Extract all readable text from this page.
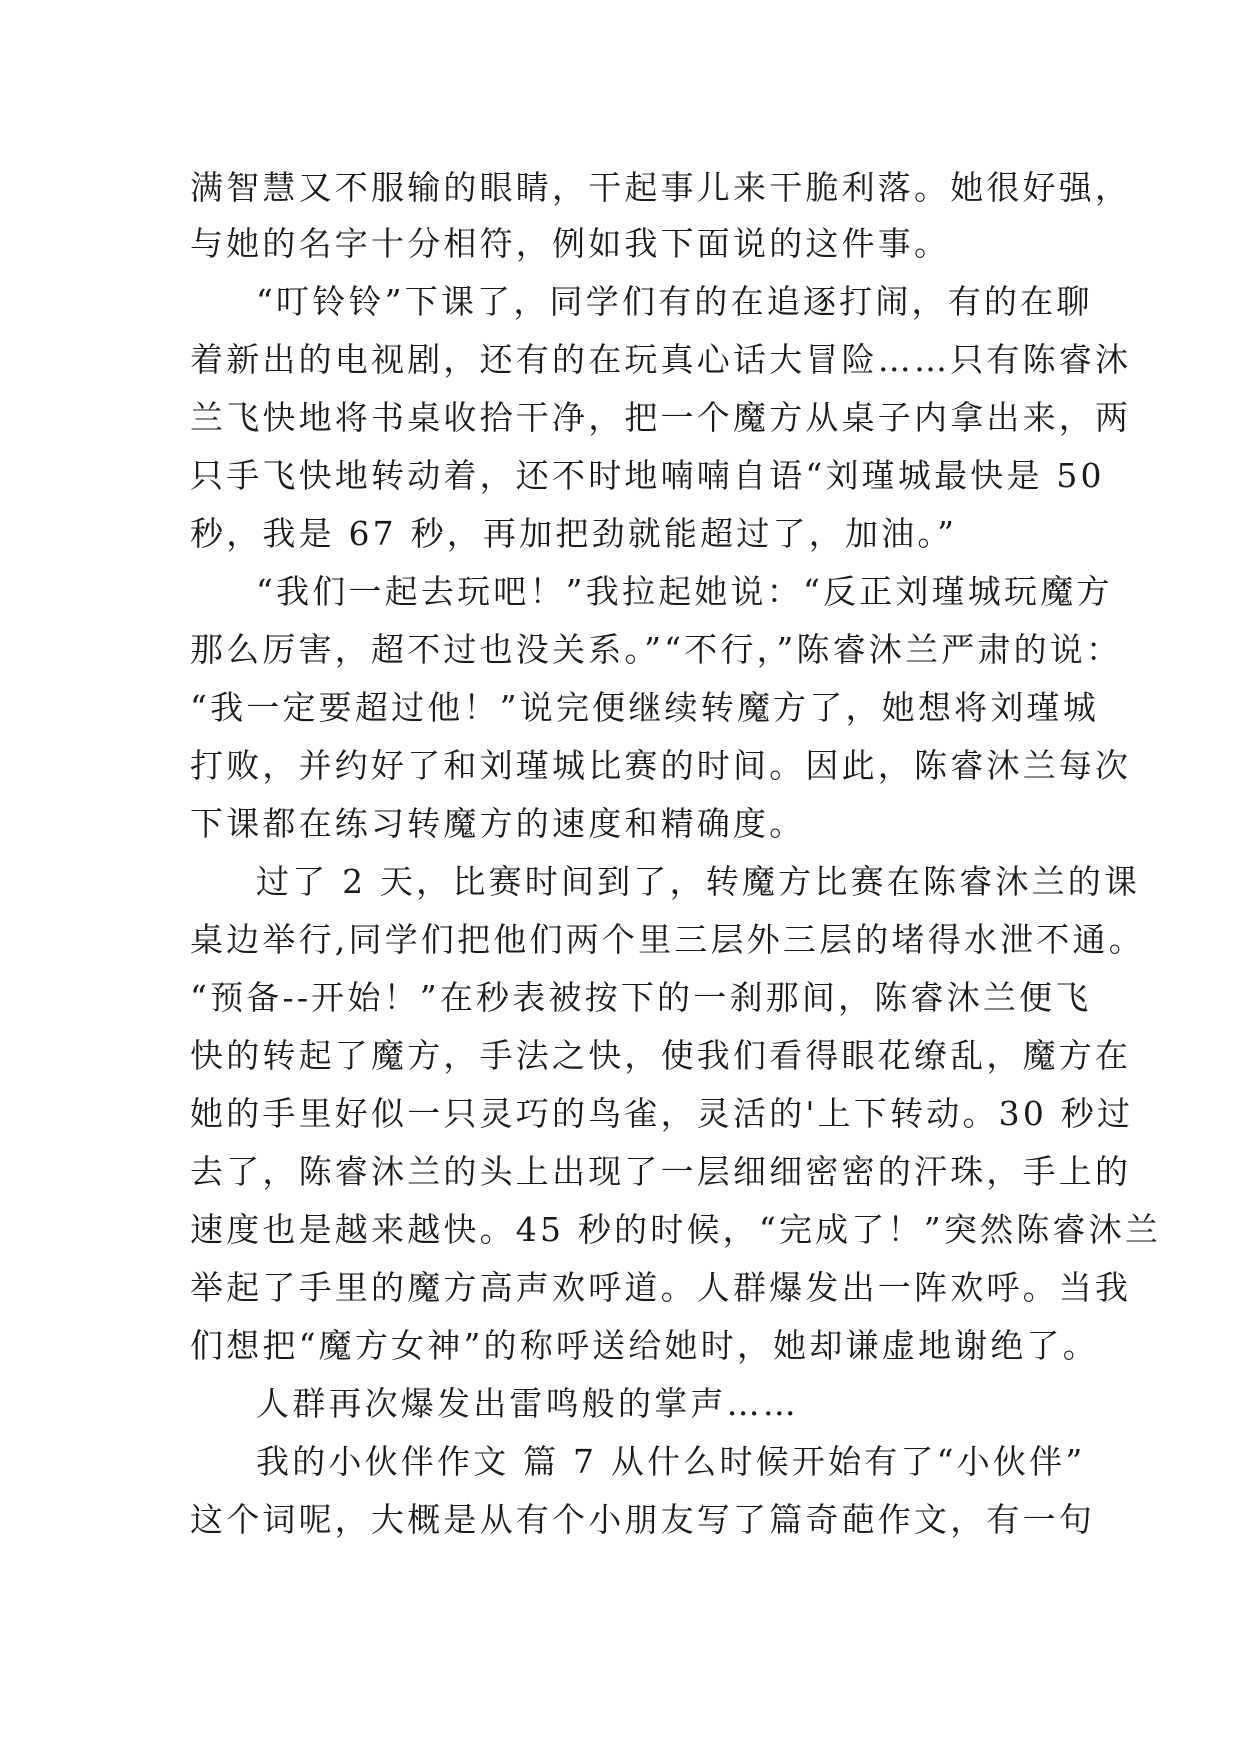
满智慧又不服输的眼睛，干起事儿来干脆利落。她很好强，
与她的名字十分相符，例如我下面说的这件事。
“叮铃铃”下课了，同学们有的在追逐打闹，有的在聊
着新出的电视剧，还有的在玩真心话大冒险……只有陈睿沐
兰飞快地将书桌收拾干净，把一个魔方从桌子内拿出来，两
只手飞快地转动着，还不时地喃喃自语“刘瑾城最快是 50
秒，我是 67 秒，再加把劲就能超过了，加油。”
“我们一起去玩吧！”我拉起她说：“反正刘瑾城玩魔方
那么厉害，超不过也没关系。”“不行，”陈睿沐兰严肃的说：
“我一定要超过他！”说完便继续转魔方了，她想将刘瑾城
打败，并约好了和刘瑾城比赛的时间。因此，陈睿沐兰每次
下课都在练习转魔方的速度和精确度。
过了 2 天，比赛时间到了，转魔方比赛在陈睿沐兰的课
桌边举行,同学们把他们两个里三层外三层的堵得水泄不通。
“预备--开始！”在秒表被按下的一刹那间，陈睿沐兰便飞
快的转起了魔方，手法之快，使我们看得眼花缭乱，魔方在
她的手里好似一只灵巧的鸟雀，灵活的'上下转动。30 秒过
去了，陈睿沐兰的头上出现了一层细细密密的汗珠，手上的
速度也是越来越快。45 秒的时候，“完成了！”突然陈睿沐兰
举起了手里的魔方高声欢呼道。人群爆发出一阵欢呼。当我
们想把“魔方女神”的称呼送给她时，她却谦虚地谢绝了。
人群再次爆发出雷鸣般的掌声……
我的小伙伴作文 篇 7 从什么时候开始有了“小伙伴”
这个词呢，大概是从有个小朋友写了篇奇葩作文，有一句
